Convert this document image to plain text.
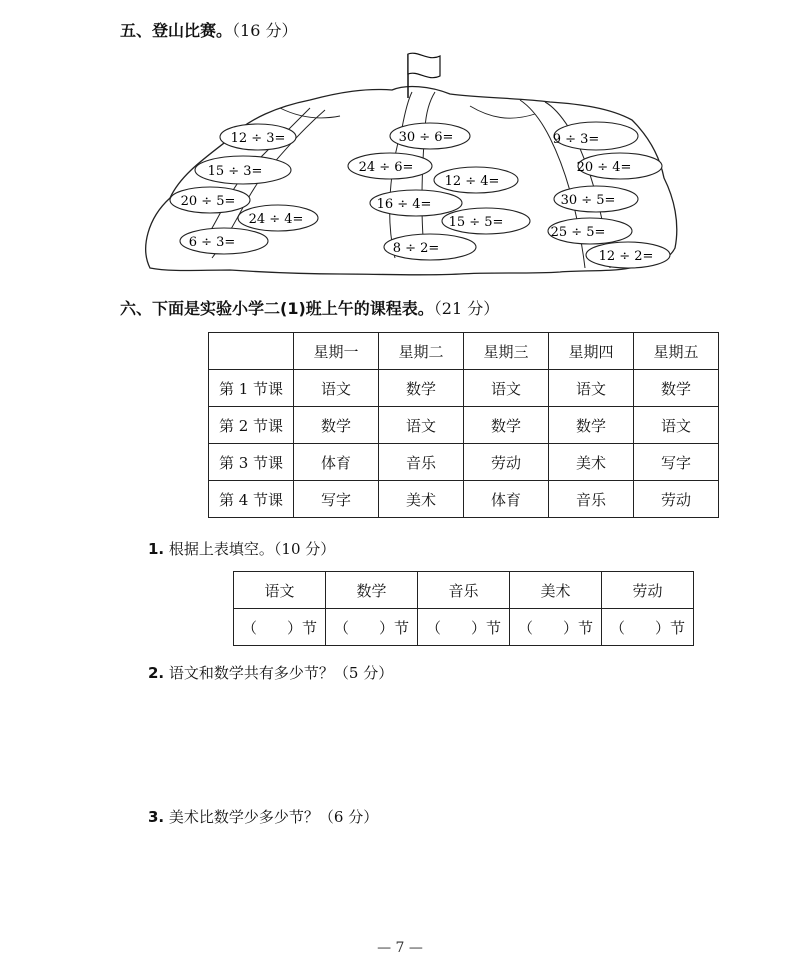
五、登山比赛。（16 分）
12 ÷ 3=
15 ÷ 3=
20 ÷ 5=
24 ÷ 4=
6 ÷ 3=
30 ÷ 6=
24 ÷ 6=
12 ÷ 4=
16 ÷ 4=
15 ÷ 5=
8 ÷ 2=
9 ÷ 3=
20 ÷ 4=
30 ÷ 5=
25 ÷ 5=
12 ÷ 2=
六、下面是实验小学二(1)班上午的课程表。（21 分）
	星期一	星期二	星期三	星期四	星期五
第 1 节课	语文	数学	语文	语文	数学
第 2 节课	数学	语文	数学	数学	语文
第 3 节课	体育	音乐	劳动	美术	写字
第 4 节课	写字	美术	体育	音乐	劳动
1. 根据上表填空。（10 分）
语文	数学	音乐	美术	劳动
（　　）节	（　　）节	（　　）节	（　　）节	（　　）节
2. 语文和数学共有多少节？（5 分）
3. 美术比数学少多少节？（6 分）
— 7 —
